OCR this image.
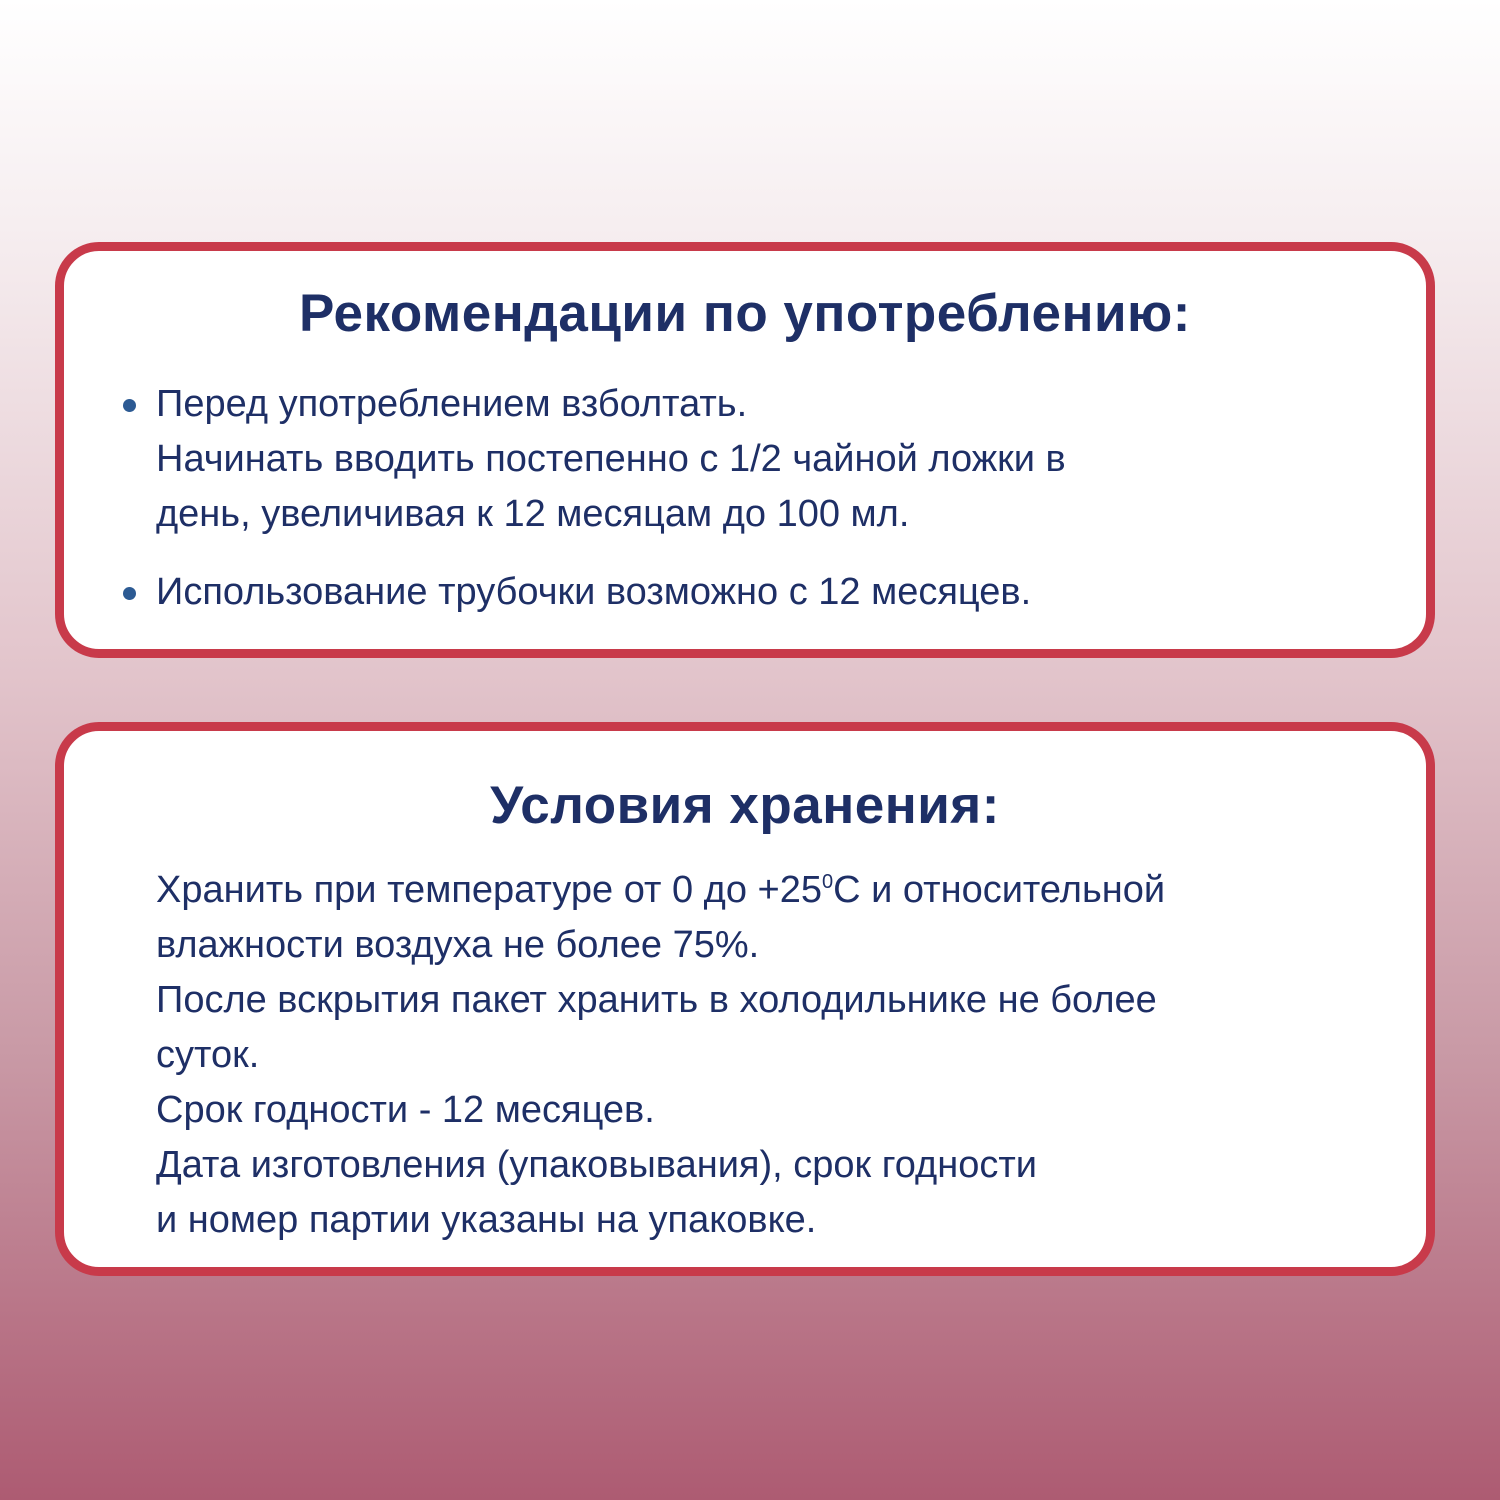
Рекомендации по употреблению:
Перед употреблением взболтать.
Начинать вводить постепенно с 1/2 чайной ложки в
день, увеличивая к 12 месяцам до 100 мл.
Использование трубочки возможно с 12 месяцев.
Условия хранения:
Хранить при температуре от 0 до $+25^0С$ и относительной
влажности воздуха не более 75%.
После вскрытия пакет хранить в холодильнике не более
суток.
Срок годности - 12 месяцев.
Дата изготовления (упаковывания), срок годности
и номер партии указаны на упаковке.
